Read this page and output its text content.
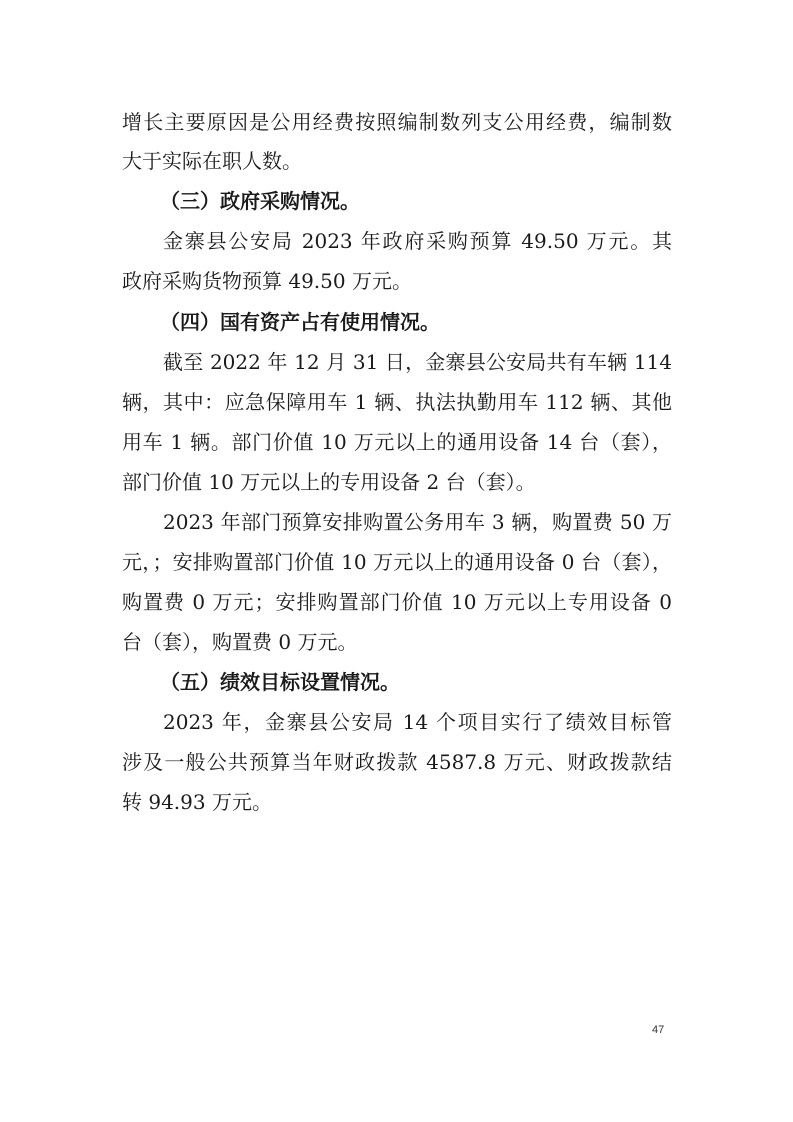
增长主要原因是公用经费按照编制数列支公用经费，编制数
大于实际在职人数。
（三）政府采购情况。
金寨县公安局 2023 年政府采购预算 49.50 万元。其
政府采购货物预算 49.50 万元。
（四）国有资产占有使用情况。
截至 2022 年 12 月 31 日，金寨县公安局共有车辆 114
辆，其中：应急保障用车 1 辆、执法执勤用车 112 辆、其他
用车 1 辆。部门价值 10 万元以上的通用设备 14 台（套），
部门价值 10 万元以上的专用设备 2 台（套）。
2023 年部门预算安排购置公务用车 3 辆，购置费 50 万
元，；安排购置部门价值 10 万元以上的通用设备 0 台（套），
购置费 0 万元；安排购置部门价值 10 万元以上专用设备 0
台（套），购置费 0 万元。
（五）绩效目标设置情况。
2023 年，金寨县公安局 14 个项目实行了绩效目标管
涉及一般公共预算当年财政拨款 4587.8 万元、财政拨款结
转 94.93 万元。
47
